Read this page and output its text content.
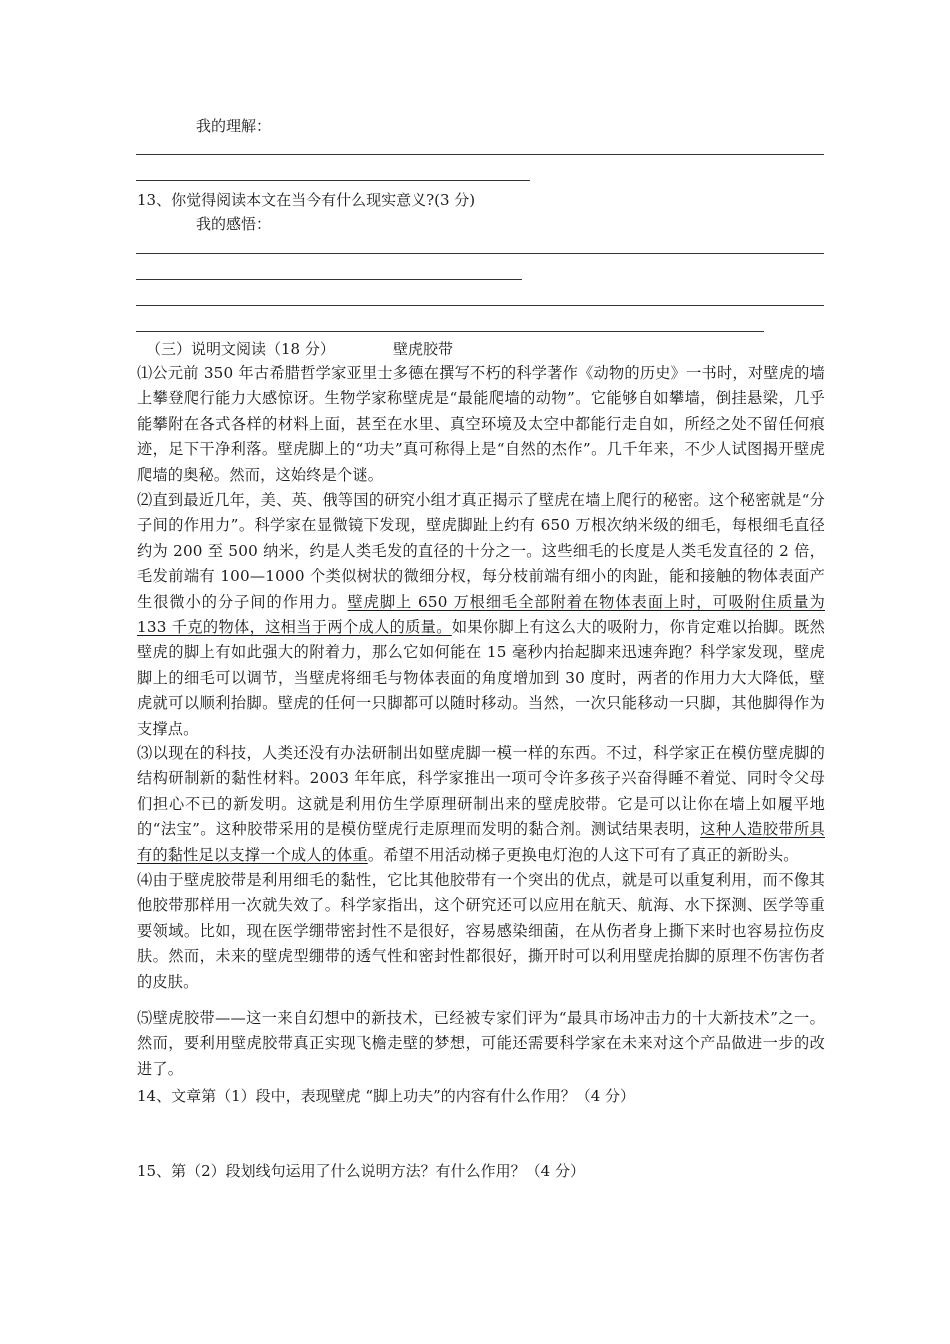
我的理解：
13、你觉得阅读本文在当今有什么现实意义?(3 分)
我的感悟：
（三）说明文阅读（18 分）	壁虎胶带
⑴公元前 350 年古希腊哲学家亚里士多德在撰写不朽的科学著作《动物的历史》一书时，对壁虎的墙上攀登爬行能力大感惊讶。生物学家称壁虎是“最能爬墙的动物”。它能够自如攀墙，倒挂悬梁，几乎能攀附在各式各样的材料上面，甚至在水里、真空环境及太空中都能行走自如，所经之处不留任何痕迹，足下干净利落。壁虎脚上的“功夫”真可称得上是“自然的杰作”。几千年来，不少人试图揭开壁虎爬墙的奥秘。然而，这始终是个谜。
⑵直到最近几年，美、英、俄等国的研究小组才真正揭示了壁虎在墙上爬行的秘密。这个秘密就是“分子间的作用力”。科学家在显微镜下发现，壁虎脚趾上约有 650 万根次纳米级的细毛，每根细毛直径约为 200 至 500 纳米，约是人类毛发的直径的十分之一。这些细毛的长度是人类毛发直径的 2 倍，毛发前端有 100—1000 个类似树状的微细分杈，每分枝前端有细小的肉趾，能和接触的物体表面产生很微小的分子间的作用力。壁虎脚上 650 万根细毛全部附着在物体表面上时，可吸附住质量为 133 千克的物体，这相当于两个成人的质量。如果你脚上有这么大的吸附力，你肯定难以抬脚。既然壁虎的脚上有如此强大的附着力，那么它如何能在 15 毫秒内抬起脚来迅速奔跑？科学家发现，壁虎脚上的细毛可以调节，当壁虎将细毛与物体表面的角度增加到 30 度时，两者的作用力大大降低，壁虎就可以顺利抬脚。壁虎的任何一只脚都可以随时移动。当然，一次只能移动一只脚，其他脚得作为支撑点。
⑶以现在的科技，人类还没有办法研制出如壁虎脚一模一样的东西。不过，科学家正在模仿壁虎脚的结构研制新的黏性材料。2003 年年底，科学家推出一项可令许多孩子兴奋得睡不着觉、同时令父母们担心不已的新发明。这就是利用仿生学原理研制出来的壁虎胶带。它是可以让你在墙上如履平地的“法宝”。这种胶带采用的是模仿壁虎行走原理而发明的黏合剂。测试结果表明，这种人造胶带所具有的黏性足以支撑一个成人的体重。希望不用活动梯子更换电灯泡的人这下可有了真正的新盼头。
⑷由于壁虎胶带是利用细毛的黏性，它比其他胶带有一个突出的优点，就是可以重复利用，而不像其他胶带那样用一次就失效了。科学家指出，这个研究还可以应用在航天、航海、水下探测、医学等重要领域。比如，现在医学绷带密封性不是很好，容易感染细菌，在从伤者身上撕下来时也容易拉伤皮肤。然而，未来的壁虎型绷带的透气性和密封性都很好，撕开时可以利用壁虎抬脚的原理不伤害伤者的皮肤。
⑸壁虎胶带——这一来自幻想中的新技术，已经被专家们评为“最具市场冲击力的十大新技术”之一。然而，要利用壁虎胶带真正实现飞檐走壁的梦想，可能还需要科学家在未来对这个产品做进一步的改进了。
14、文章第（1）段中，表现壁虎 “脚上功夫”的内容有什么作用？（4 分）
15、第（2）段划线句运用了什么说明方法？有什么作用？（4 分）
